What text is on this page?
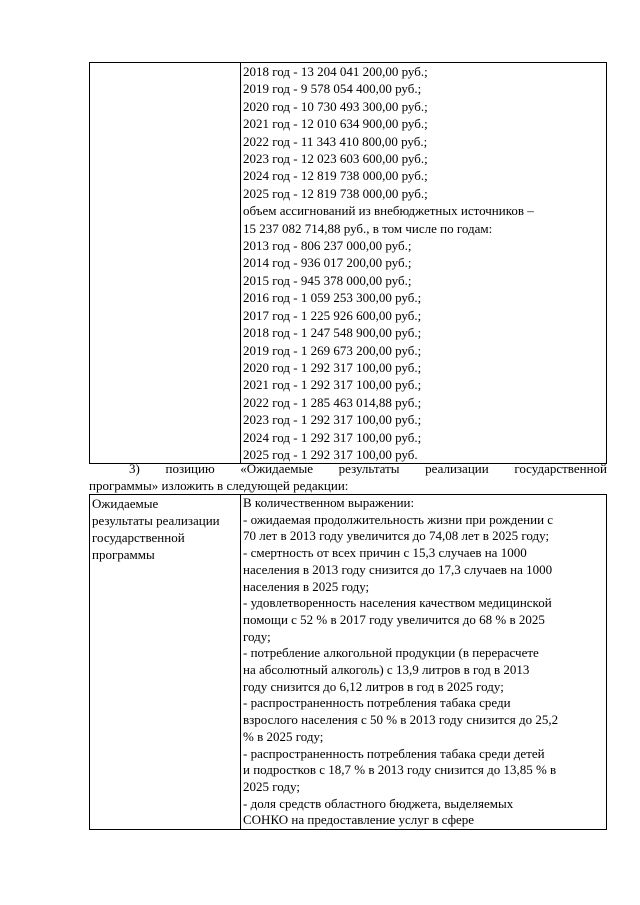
2018 год - 13 204 041 200,00 руб.;
2019 год - 9 578 054 400,00 руб.;
2020 год - 10 730 493 300,00 руб.;
2021 год - 12 010 634 900,00 руб.;
2022 год - 11 343 410 800,00 руб.;
2023 год - 12 023 603 600,00 руб.;
2024 год - 12 819 738 000,00 руб.;
2025 год - 12 819 738 000,00 руб.;
объем ассигнований из внебюджетных источников –
15 237 082 714,88 руб., в том числе по годам:
2013 год - 806 237 000,00 руб.;
2014 год - 936 017 200,00 руб.;
2015 год - 945 378 000,00 руб.;
2016 год - 1 059 253 300,00 руб.;
2017 год - 1 225 926 600,00 руб.;
2018 год - 1 247 548 900,00 руб.;
2019 год - 1 269 673 200,00 руб.;
2020 год - 1 292 317 100,00 руб.;
2021 год - 1 292 317 100,00 руб.;
2022 год - 1 285 463 014,88 руб.;
2023 год - 1 292 317 100,00 руб.;
2024 год - 1 292 317 100,00 руб.;
2025 год - 1 292 317 100,00 руб.
3) позицию «Ожидаемые результаты реализации государственной
программы» изложить в следующей редакции:
Ожидаемые
результаты реализации
государственной
программы

В количественном выражении:
- ожидаемая продолжительность жизни при рождении с
70 лет в 2013 году увеличится до 74,08 лет в 2025 году;
- смертность от всех причин с 15,3 случаев на 1000
населения в 2013 году снизится до 17,3 случаев на 1000
населения в 2025 году;
- удовлетворенность населения качеством медицинской
помощи с 52 % в 2017 году увеличится до 68 % в 2025
году;
- потребление алкогольной продукции (в перерасчете
на абсолютный алкоголь) с 13,9 литров в год в 2013
году снизится до 6,12 литров в год в 2025 году;
- распространенность потребления табака среди
взрослого населения с 50 % в 2013 году снизится до 25,2
% в 2025 году;
- распространенность потребления табака среди детей
и подростков с 18,7 % в 2013 году снизится до 13,85 % в
2025 году;
- доля средств областного бюджета, выделяемых
СОНКО на предоставление услуг в сфере
